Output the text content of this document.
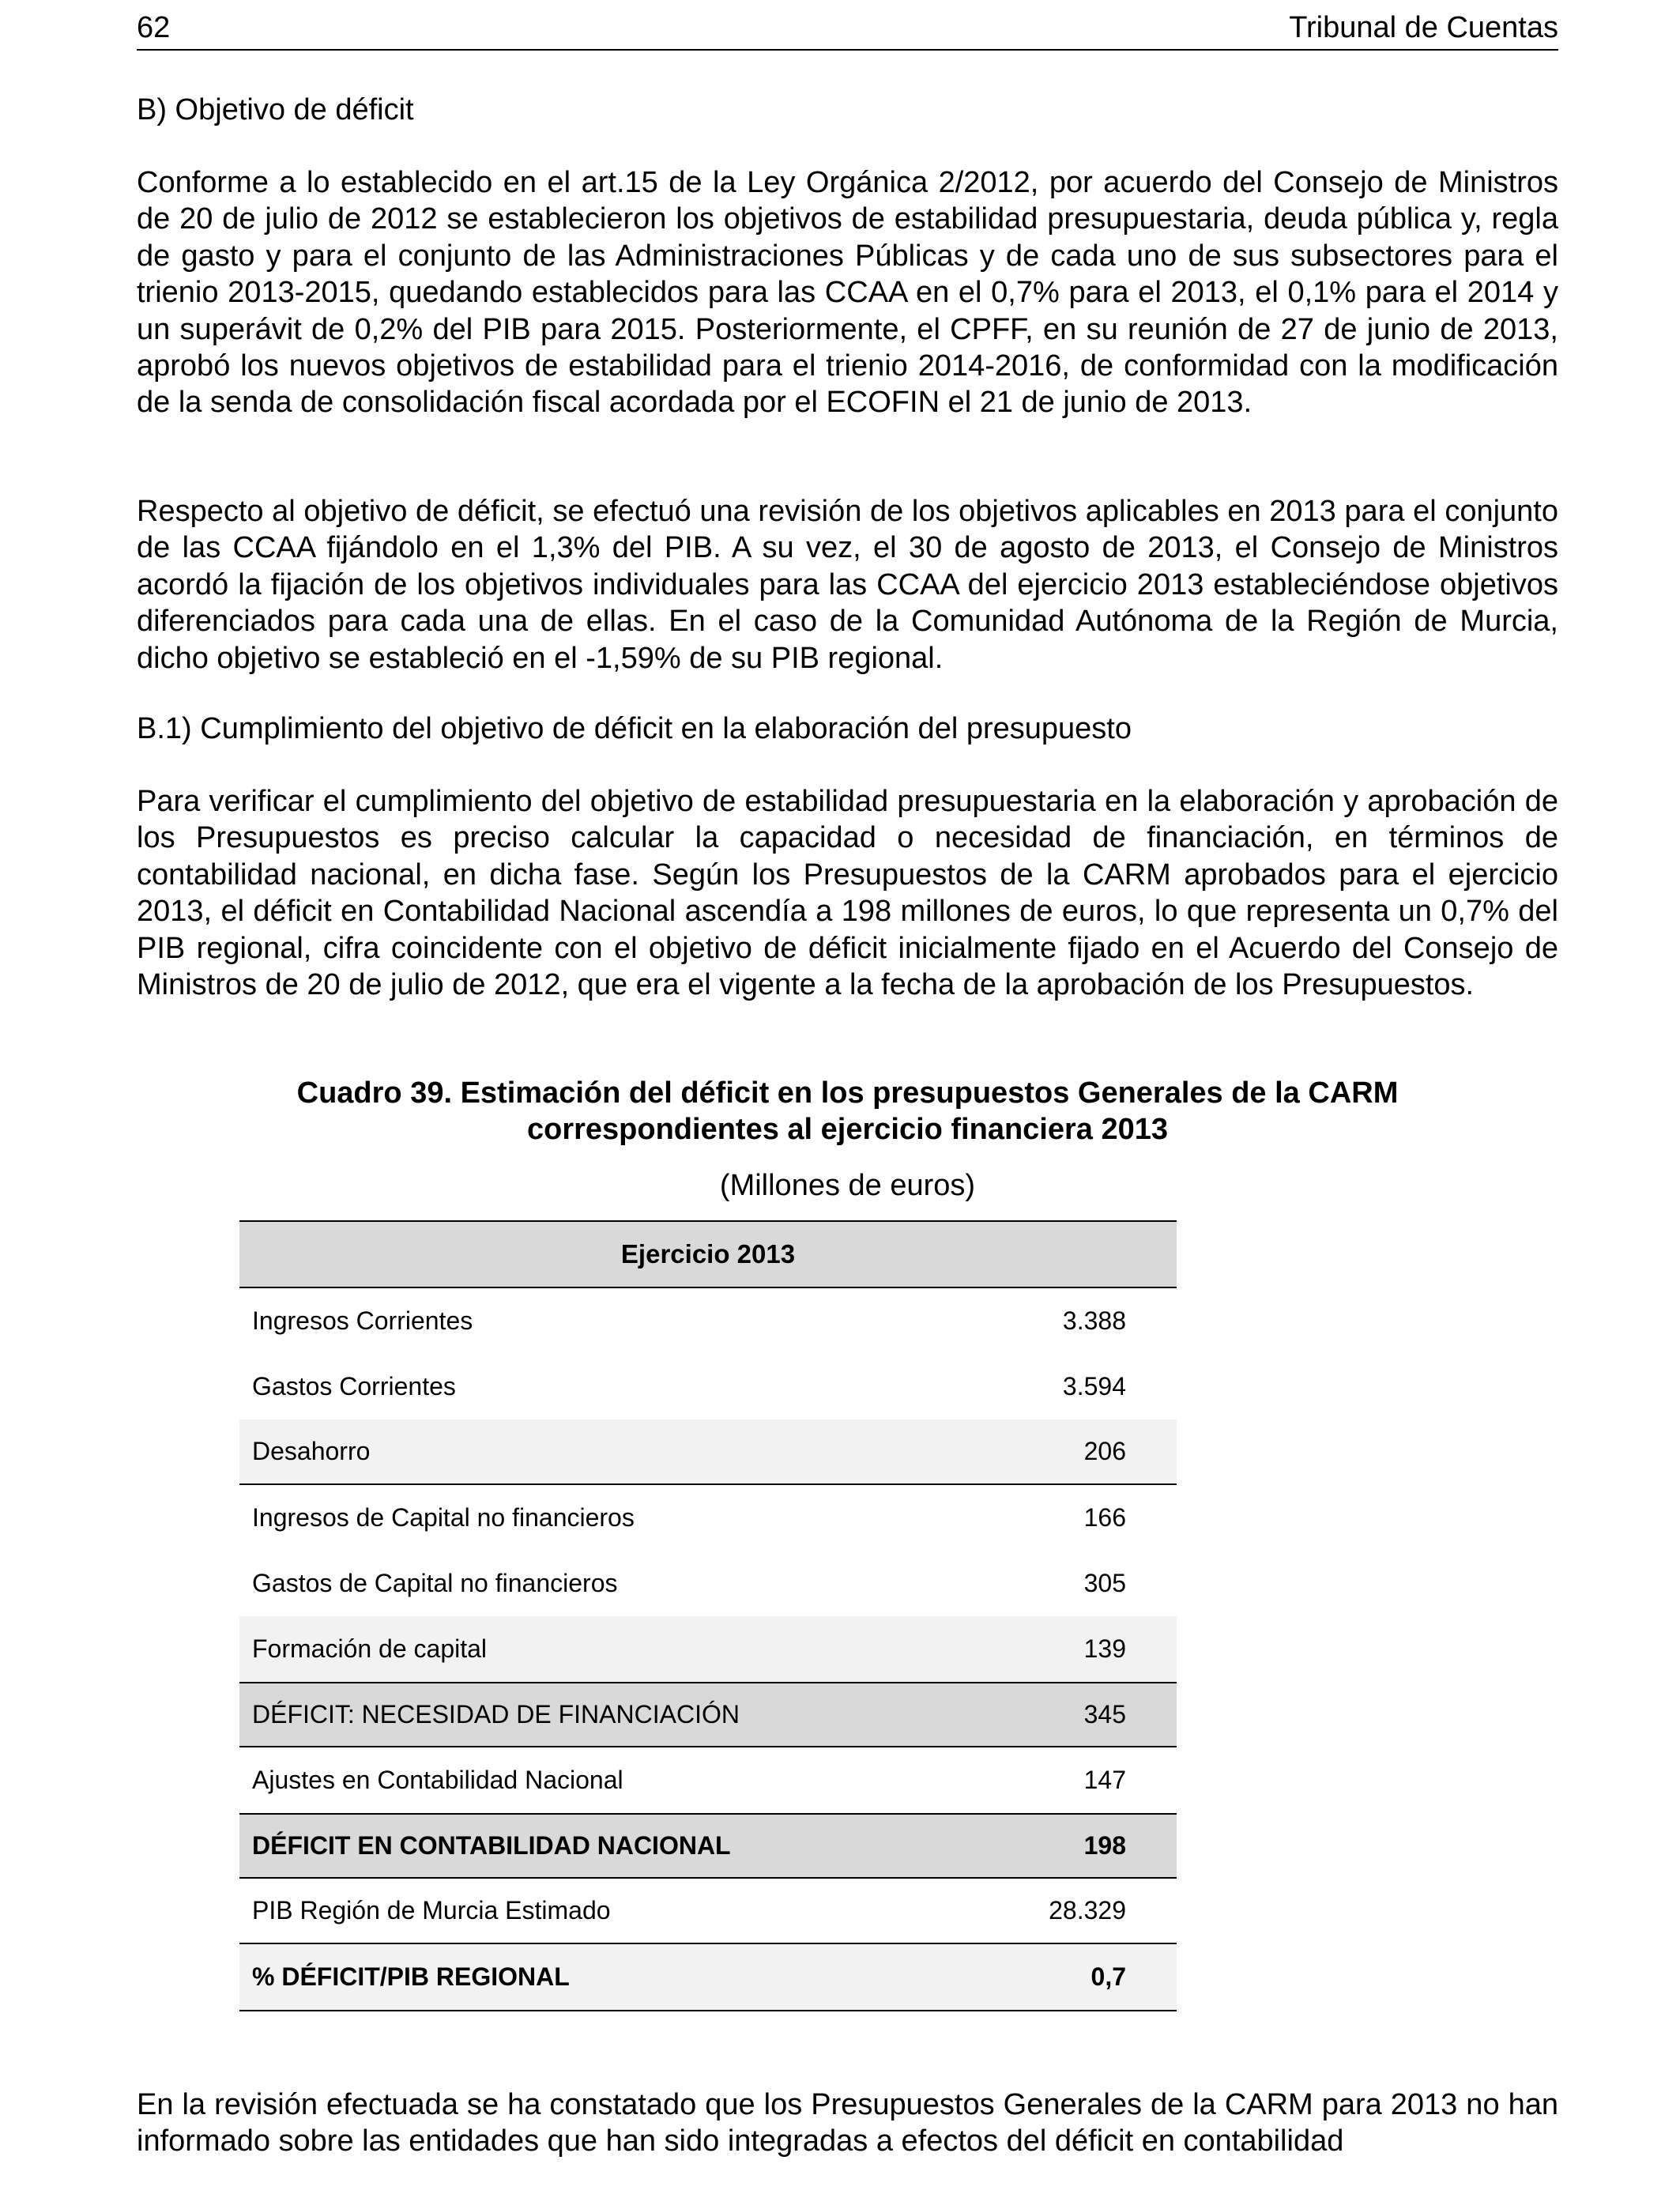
62	Tribunal de Cuentas
B) Objetivo de déficit

Conforme a lo establecido en el art.15 de la Ley Orgánica 2/2012, por acuerdo del Consejo de Ministros de 20 de julio de 2012 se establecieron los objetivos de estabilidad presupuestaria, deuda pública y, regla de gasto y para el conjunto de las Administraciones Públicas y de cada uno de sus subsectores para el trienio 2013-2015, quedando establecidos para las CCAA en el 0,7% para el 2013, el 0,1% para el 2014 y un superávit de 0,2% del PIB para 2015. Posteriormente, el CPFF, en su reunión de 27 de junio de 2013, aprobó los nuevos objetivos de estabilidad para el trienio 2014-2016, de conformidad con la modificación de la senda de consolidación fiscal acordada por el ECOFIN el 21 de junio de 2013.

Respecto al objetivo de déficit, se efectuó una revisión de los objetivos aplicables en 2013 para el conjunto de las CCAA fijándolo en el 1,3% del PIB. A su vez, el 30 de agosto de 2013, el Consejo de Ministros acordó la fijación de los objetivos individuales para las CCAA del ejercicio 2013 estableciéndose objetivos diferenciados para cada una de ellas. En el caso de la Comunidad Autónoma de la Región de Murcia, dicho objetivo se estableció en el -1,59% de su PIB regional.

B.1) Cumplimiento del objetivo de déficit en la elaboración del presupuesto

Para verificar el cumplimiento del objetivo de estabilidad presupuestaria en la elaboración y aprobación de los Presupuestos es preciso calcular la capacidad o necesidad de financiación, en términos de contabilidad nacional, en dicha fase. Según los Presupuestos de la CARM aprobados para el ejercicio 2013, el déficit en Contabilidad Nacional ascendía a 198 millones de euros, lo que representa un 0,7% del PIB regional, cifra coincidente con el objetivo de déficit inicialmente fijado en el Acuerdo del Consejo de Ministros de 20 de julio de 2012, que era el vigente a la fecha de la aprobación de los Presupuestos.

Cuadro 39. Estimación del déficit en los presupuestos Generales de la CARM
correspondientes al ejercicio financiera 2013
(Millones de euros)

En la revisión efectuada se ha constatado que los Presupuestos Generales de la CARM para 2013 no han informado sobre las entidades que han sido integradas a efectos del déficit en contabilidad

Ejercicio 2013
Ingresos Corrientes	3.388
Gastos Corrientes	3.594
Desahorro	206
Ingresos de Capital no financieros	166
Gastos de Capital no financieros	305
Formación de capital	139
DÉFICIT: NECESIDAD DE FINANCIACIÓN	345
Ajustes en Contabilidad Nacional	147
DÉFICIT EN CONTABILIDAD NACIONAL	198
PIB Región de Murcia Estimado	28.329
% DÉFICIT/PIB REGIONAL	0,7
